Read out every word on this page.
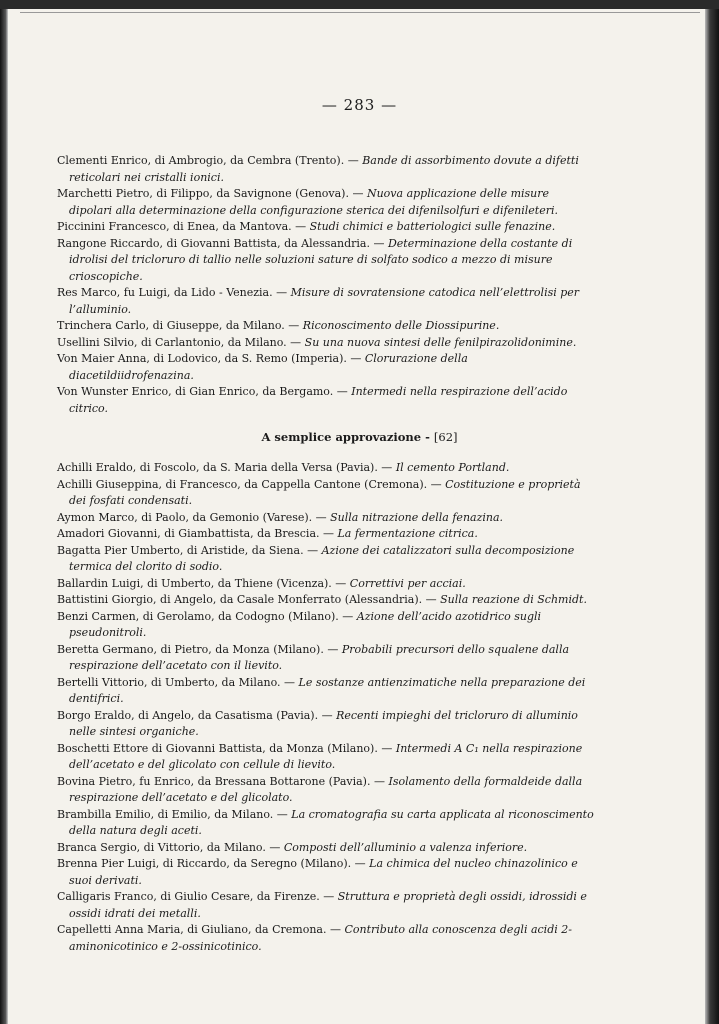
— 283 —
Clementi Enrico, di Ambrogio, da Cembra (Trento). — Bande di assorbimento dovute a difetti reticolari nei cristalli ionici.
Marchetti Pietro, di Filippo, da Savignone (Genova). — Nuova applicazione delle misure dipolari alla determinazione della configurazione sterica dei difenilsolfuri e difenileteri.
Piccinini Francesco, di Enea, da Mantova. — Studi chimici e batteriologici sulle fenazine.
Rangone Riccardo, di Giovanni Battista, da Alessandria. — Determinazione della costante di idrolisi del tricloruro di tallio nelle soluzioni sature di solfato sodico a mezzo di misure crioscopiche.
Res Marco, fu Luigi, da Lido - Venezia. — Misure di sovratensione catodica nell’elettrolisi per l’alluminio.
Trinchera Carlo, di Giuseppe, da Milano. — Riconoscimento delle Diossipurine.
Usellini Silvio, di Carlantonio, da Milano. — Su una nuova sintesi delle fenilpirazolidonimine.
Von Maier Anna, di Lodovico, da S. Remo (Imperia). — Clorurazione della diacetildiidrofenazina.
Von Wunster Enrico, di Gian Enrico, da Bergamo. — Intermedi nella respirazione dell’acido citrico.
A semplice approvazione - [62]
Achilli Eraldo, di Foscolo, da S. Maria della Versa (Pavia). — Il cemento Portland.
Achilli Giuseppina, di Francesco, da Cappella Cantone (Cremona). — Costituzione e proprietà dei fosfati condensati.
Aymon Marco, di Paolo, da Gemonio (Varese). — Sulla nitrazione della fenazina.
Amadori Giovanni, di Giambattista, da Brescia. — La fermentazione citrica.
Bagatta Pier Umberto, di Aristide, da Siena. — Azione dei catalizzatori sulla decomposizione termica del clorito di sodio.
Ballardin Luigi, di Umberto, da Thiene (Vicenza). — Correttivi per acciai.
Battistini Giorgio, di Angelo, da Casale Monferrato (Alessandria). — Sulla reazione di Schmidt.
Benzi Carmen, di Gerolamo, da Codogno (Milano). — Azione dell’acido azotidrico sugli pseudonitroli.
Beretta Germano, di Pietro, da Monza (Milano). — Probabili precursori dello squalene dalla respirazione dell’acetato con il lievito.
Bertelli Vittorio, di Umberto, da Milano. — Le sostanze antienzimatiche nella preparazione dei dentifrici.
Borgo Eraldo, di Angelo, da Casatisma (Pavia). — Recenti impieghi del tricloruro di alluminio nelle sintesi organiche.
Boschetti Ettore di Giovanni Battista, da Monza (Milano). — Intermedi A C₁ nella respirazione dell’acetato e del glicolato con cellule di lievito.
Bovina Pietro, fu Enrico, da Bressana Bottarone (Pavia). — Isolamento della formaldeide dalla respirazione dell’acetato e del glicolato.
Brambilla Emilio, di Emilio, da Milano. — La cromatografia su carta applicata al riconoscimento della natura degli aceti.
Branca Sergio, di Vittorio, da Milano. — Composti dell’alluminio a valenza inferiore.
Brenna Pier Luigi, di Riccardo, da Seregno (Milano). — La chimica del nucleo chinazolinico e suoi derivati.
Calligaris Franco, di Giulio Cesare, da Firenze. — Struttura e proprietà degli ossidi, idrossidi e ossidi idrati dei metalli.
Capelletti Anna Maria, di Giuliano, da Cremona. — Contributo alla conoscenza degli acidi 2-aminonicotinico e 2-ossinicotinico.
